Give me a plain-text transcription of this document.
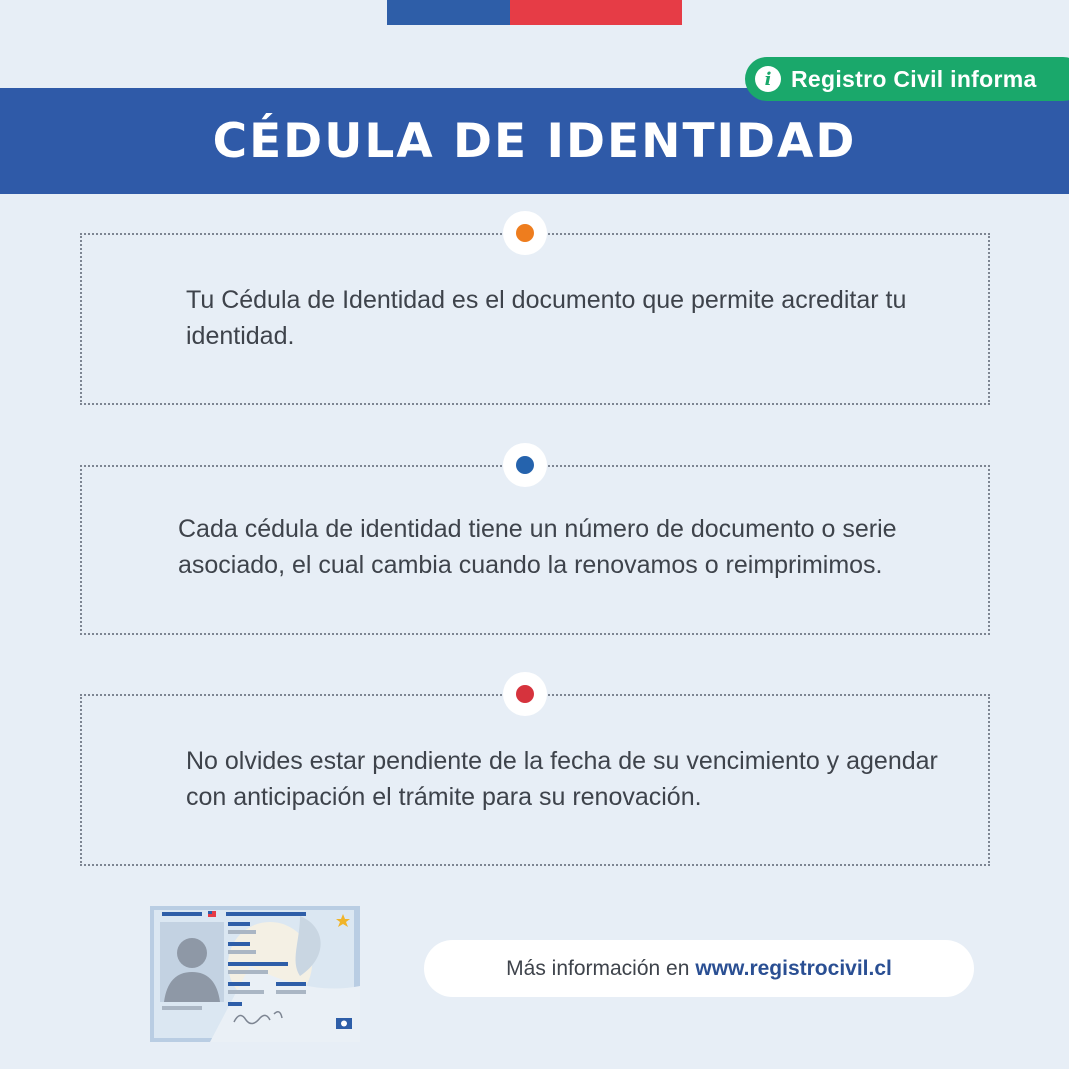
i Registro Civil informa
CÉDULA DE IDENTIDAD
Tu Cédula de Identidad es el documento que permite acreditar tu identidad.
Cada cédula de identidad tiene un número de documento o serie asociado, el cual cambia cuando la renovamos o reimprimimos.
No olvides estar pendiente de la fecha de su vencimiento y agendar con anticipación el trámite para su renovación.
Más información en www.registrocivil.cl
